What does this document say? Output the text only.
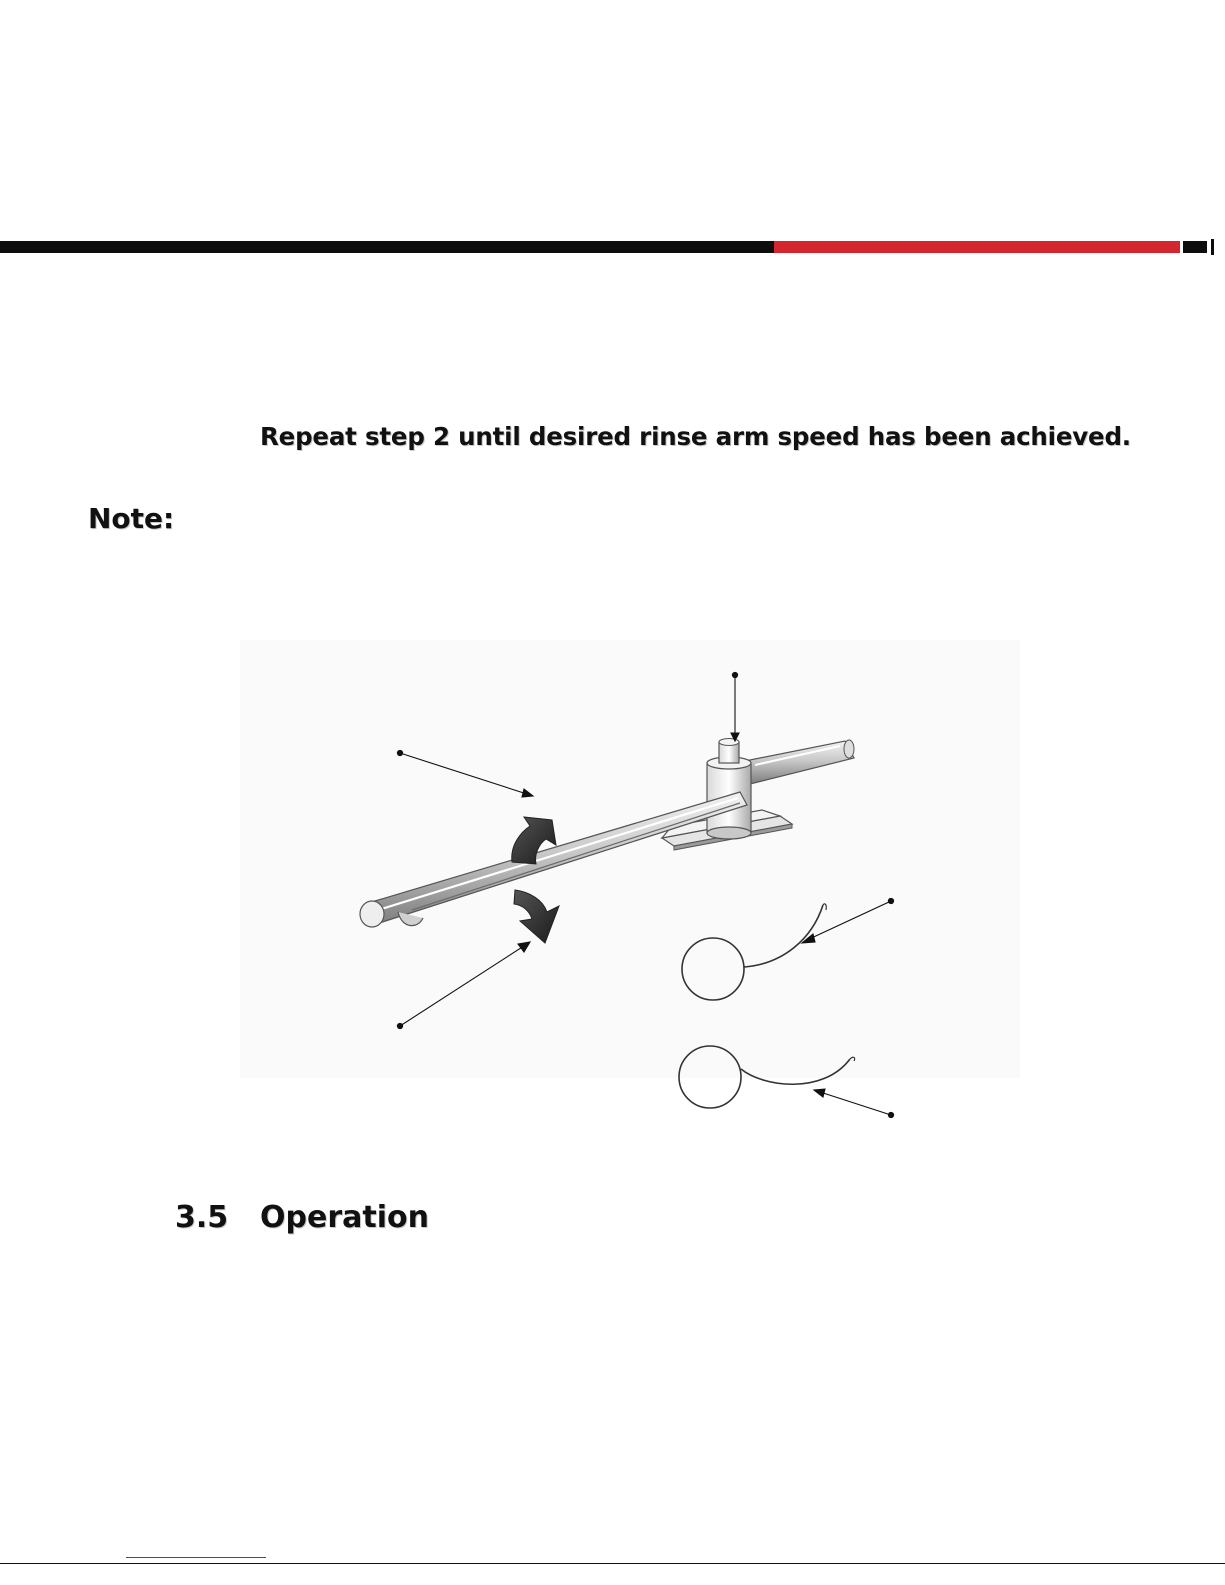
Repeat step 2 until desired rinse arm speed has been achieved.
Note:
3.5 Operation
